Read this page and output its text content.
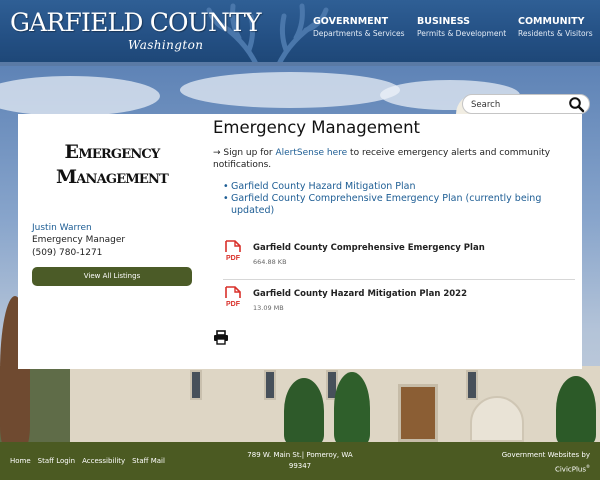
GARFIELD COUNTY
Washington
GOVERNMENT
Departments & Services
BUSINESS
Permits & Development
COMMUNITY
Residents & Visitors
Search
Emergency
Management
Justin Warren
Emergency Manager
(509) 780-1271
View All Listings
Emergency Management

→ Sign up for AlertSense here to receive emergency alerts and community notifications.

• Garfield County Hazard Mitigation Plan
• Garfield County Comprehensive Emergency Plan (currently being updated)
PDF
Garfield County Comprehensive Emergency Plan
664.88 KB
PDF
Garfield County Hazard Mitigation Plan 2022
13.09 MB
Home Staff Login Accessibility Staff Mail
789 W. Main St.| Pomeroy, WA
99347
Government Websites by
CivicPlus®
